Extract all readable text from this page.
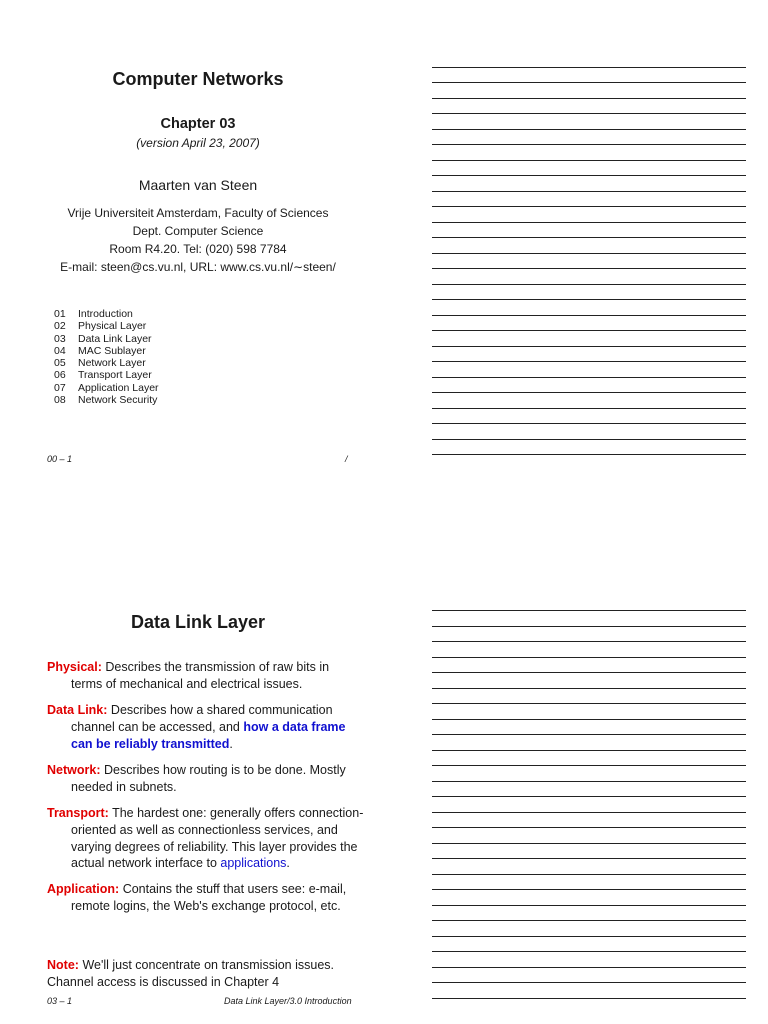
Computer Networks
Chapter 03
(version April 23, 2007)
Maarten van Steen
Vrije Universiteit Amsterdam, Faculty of Sciences
Dept. Computer Science
Room R4.20. Tel: (020) 598 7784
E-mail: steen@cs.vu.nl, URL: www.cs.vu.nl/∼steen/
01	Introduction
02	Physical Layer
03	Data Link Layer
04	MAC Sublayer
05	Network Layer
06	Transport Layer
07	Application Layer
08	Network Security
00 – 1	/
Data Link Layer
Physical: Describes the transmission of raw bits in terms of mechanical and electrical issues.
Data Link: Describes how a shared communication channel can be accessed, and how a data frame can be reliably transmitted.
Network: Describes how routing is to be done. Mostly needed in subnets.
Transport: The hardest one: generally offers connection-oriented as well as connectionless services, and varying degrees of reliability. This layer provides the actual network interface to applications.
Application: Contains the stuff that users see: e-mail, remote logins, the Web's exchange protocol, etc.
Note: We'll just concentrate on transmission issues. Channel access is discussed in Chapter 4
03 – 1	Data Link Layer/3.0 Introduction
